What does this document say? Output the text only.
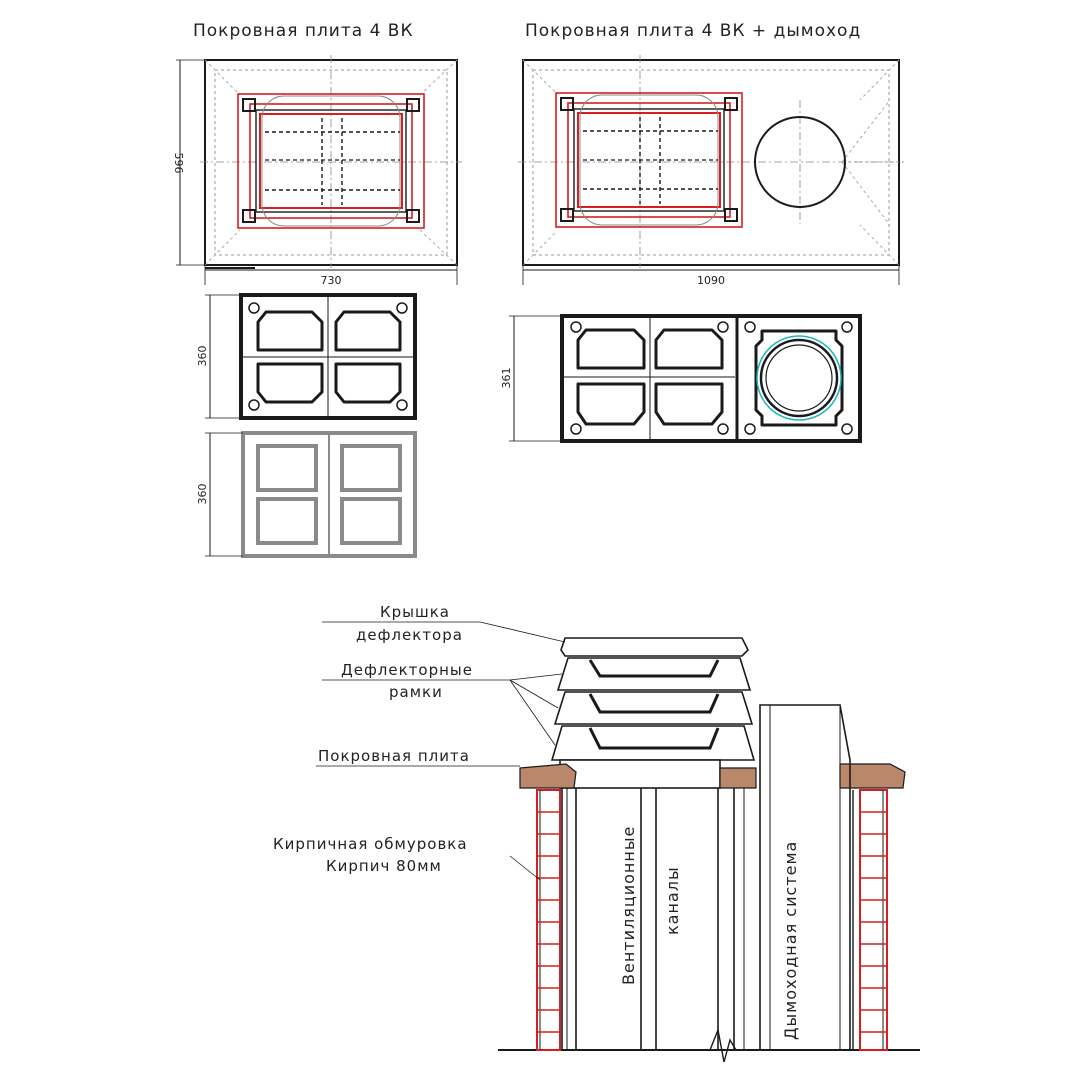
Покровная плита 4 ВК	Покровная плита 4 ВК + дымоход
596
730	1090
360
360
361
Крышка
дефлектора
Дефлекторные
рамки
Покровная плита
Кирпичная обмуровка
Кирпич 80мм	Вентиляционные каналы	Дымоходная система
